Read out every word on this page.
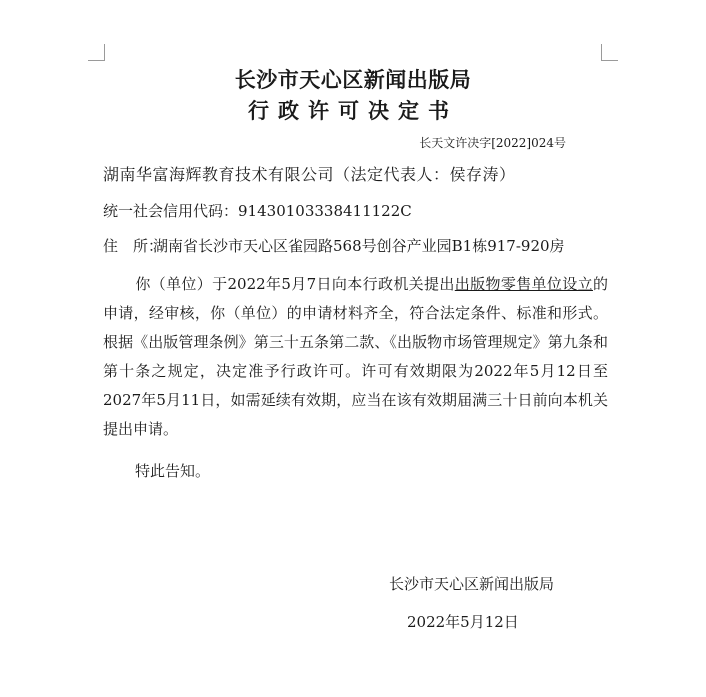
长沙市天心区新闻出版局
行政许可决定书
长天文许决字[2022]024号
湖南华富海辉教育技术有限公司（法定代表人：侯存涛）
统一社会信用代码：91430103338411122C
住　所：湖南省长沙市天心区雀园路568号创谷产业园B1栋917-920房
你（单位）于2022年5月7日向本行政机关提出出版物零售单位设立的申请，经审核，你（单位）的申请材料齐全，符合法定条件、标准和形式。根据《出版管理条例》第三十五条第二款、《出版物市场管理规定》第九条和第十条之规定，决定准予行政许可。许可有效期限为2022年5月12日至2027年5月11日，如需延续有效期，应当在该有效期届满三十日前向本机关提出申请。
特此告知。
长沙市天心区新闻出版局
2022年5月12日
